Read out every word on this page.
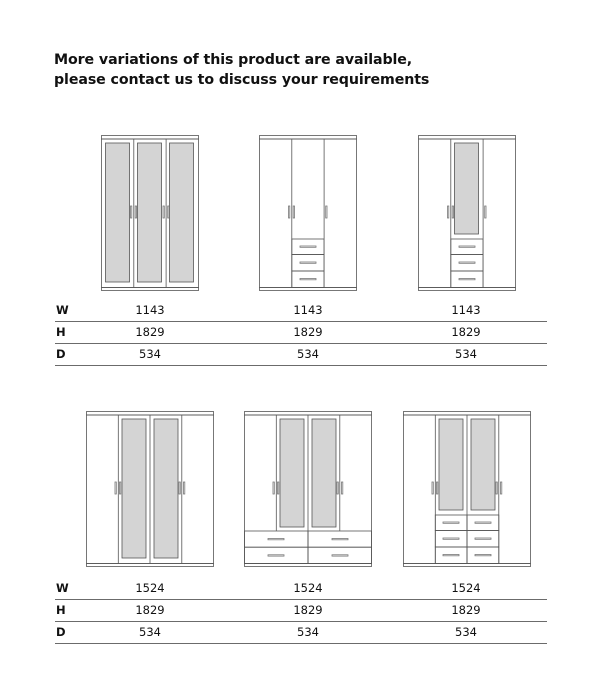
More variations of this product are available,
please contact us to discuss your requirements
W	1143	1143	1143
H	1829	1829	1829
D	534	534	534
W	1524	1524	1524
H	1829	1829	1829
D	534	534	534
